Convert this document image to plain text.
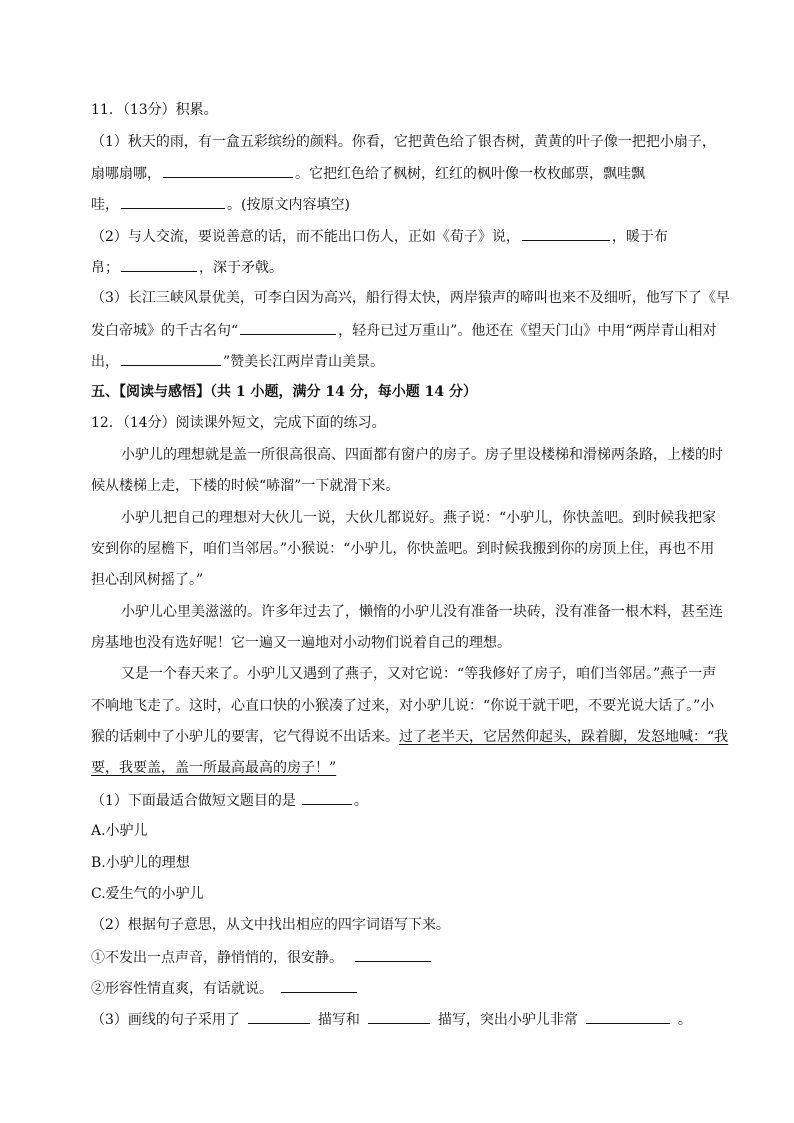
11．（13分）积累。
（1）秋天的雨，有一盒五彩缤纷的颜料。你看，它把黄色给了银杏树，黄黄的叶子像一把把小扇子，
扇哪扇哪，	。它把红色给了枫树，红红的枫叶像一枚枚邮票，飘哇飘
哇，	。(按原文内容填空)
（2）与人交流，要说善意的话，而不能出口伤人，正如《荀子》说，	，暖于布
帛；	，深于矛戟。
（3）长江三峡风景优美，可李白因为高兴，船行得太快，两岸猿声的啼叫也来不及细听，他写下了《早
发白帝城》的千古名句“	，轻舟已过万重山”。他还在《望天门山》中用“两岸青山相对
出，	”赞美长江两岸青山美景。
五、【阅读与感悟】（共 1 小题，满分 14 分，每小题 14 分）
12．（14分）阅读课外短文，完成下面的练习。
小驴儿的理想就是盖一所很高很高、四面都有窗户的房子。房子里设楼梯和滑梯两条路，上楼的时
候从楼梯上走，下楼的时候“哧溜”一下就滑下来。
小驴儿把自己的理想对大伙儿一说，大伙儿都说好。燕子说：“小驴儿，你快盖吧。到时候我把家
安到你的屋檐下，咱们当邻居。”小猴说：“小驴儿，你快盖吧。到时候我搬到你的房顶上住，再也不用
担心刮风树摇了。”
小驴儿心里美滋滋的。许多年过去了，懒惰的小驴儿没有准备一块砖，没有准备一根木料，甚至连
房基地也没有选好呢！它一遍又一遍地对小动物们说着自己的理想。
又是一个春天来了。小驴儿又遇到了燕子，又对它说：“等我修好了房子，咱们当邻居。”燕子一声
不响地飞走了。这时，心直口快的小猴凑了过来，对小驴儿说：“你说干就干吧，不要光说大话了。”小
猴的话刺中了小驴儿的要害，它气得说不出话来。过了老半天，它居然仰起头，跺着脚，发怒地喊：“我
要，我要盖，盖一所最高最高的房子！”
（1）下面最适合做短文题目的是	。
A.小驴儿
B.小驴儿的理想
C.爱生气的小驴儿
（2）根据句子意思，从文中找出相应的四字词语写下来。
①不发出一点声音，静悄悄的，很安静。
②形容性情直爽，有话就说。
（3）画线的句子采用了	描写和	描写，突出小驴儿非常	。
